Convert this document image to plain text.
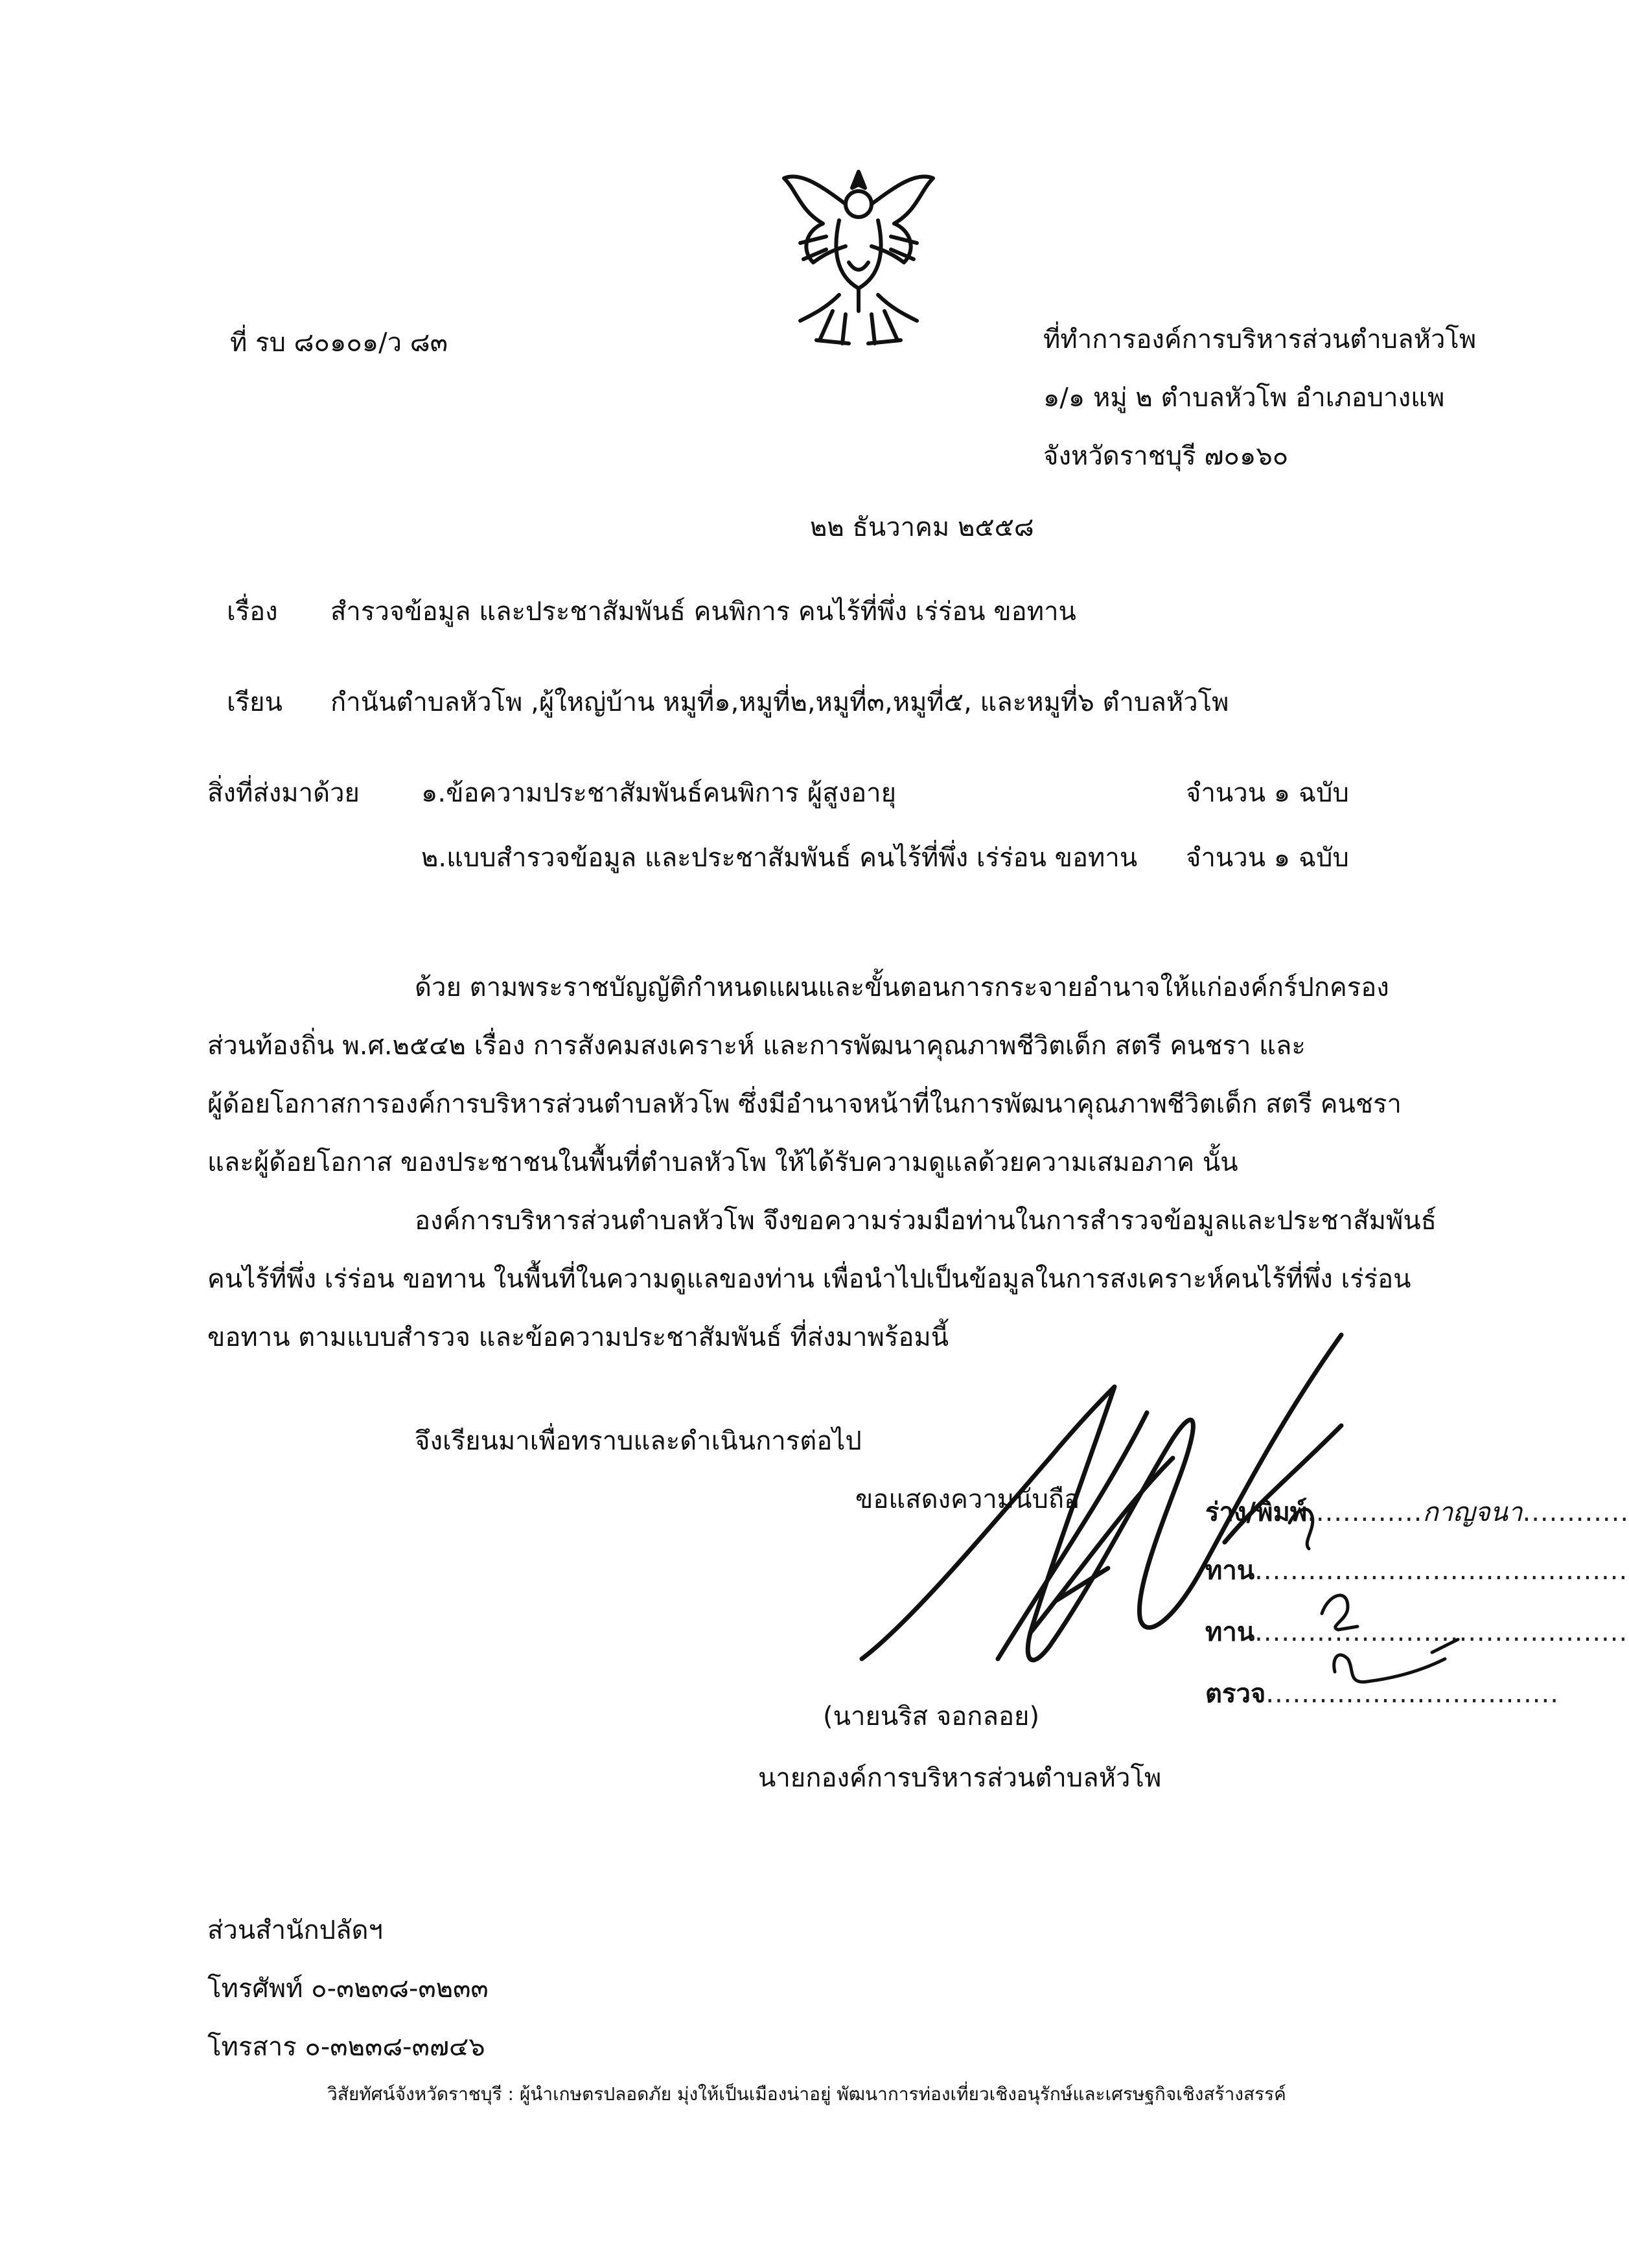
ที่ รบ ๘๐๑๐๑/ว ๘๓	ที่ทำการองค์การบริหารส่วนตำบลหัวโพ
๑/๑ หมู่ ๒ ตำบลหัวโพ อำเภอบางแพ
จังหวัดราชบุรี ๗๐๑๖๐
๒๒ ธันวาคม ๒๕๕๘
เรื่อง สำรวจข้อมูล และประชาสัมพันธ์ คนพิการ คนไร้ที่พึ่ง เร่ร่อน ขอทาน
เรียน กำนันตำบลหัวโพ ,ผู้ใหญ่บ้าน หมูที่๑,หมูที่๒,หมูที่๓,หมูที่๕, และหมูที่๖ ตำบลหัวโพ
สิ่งที่ส่งมาด้วย ๑.ข้อความประชาสัมพันธ์คนพิการ ผู้สูงอายุ	จำนวน ๑ ฉบับ
๒.แบบสำรวจข้อมูล และประชาสัมพันธ์ คนไร้ที่พึ่ง เร่ร่อน ขอทาน จำนวน ๑ ฉบับ
ด้วย ตามพระราชบัญญัติกำหนดแผนและขั้นตอนการกระจายอำนาจให้แก่องค์กร์ปกครอง
ส่วนท้องถิ่น พ.ศ.๒๕๔๒ เรื่อง การสังคมสงเคราะห์ และการพัฒนาคุณภาพชีวิตเด็ก สตรี คนชรา และ
ผู้ด้อยโอกาสการองค์การบริหารส่วนตำบลหัวโพ ซึ่งมีอำนาจหน้าที่ในการพัฒนาคุณภาพชีวิตเด็ก สตรี คนชรา
และผู้ด้อยโอกาส ของประชาชนในพื้นที่ตำบลหัวโพ ให้ได้รับความดูแลด้วยความเสมอภาค นั้น
องค์การบริหารส่วนตำบลหัวโพ จึงขอความร่วมมือท่านในการสำรวจข้อมูลและประชาสัมพันธ์
คนไร้ที่พึ่ง เร่ร่อน ขอทาน ในพื้นที่ในความดูแลของท่าน เพื่อนำไปเป็นข้อมูลในการสงเคราะห์คนไร้ที่พึ่ง เร่ร่อน
ขอทาน ตามแบบสำรวจ และข้อความประชาสัมพันธ์ ที่ส่งมาพร้อมนี้
จึงเรียนมาเพื่อทราบและดำเนินการต่อไป
ขอแสดงความนับถือ
(นายนริส จอกลอย)
นายกองค์การบริหารส่วนตำบลหัวโพ
ร่าง/พิมพ์.............กาญจนา............
ทาน..........................................
ทาน..........................................
ตรวจ.................................
ส่วนสำนักปลัดฯ
โทรศัพท์ ๐-๓๒๓๘-๓๒๓๓
โทรสาร ๐-๓๒๓๘-๓๗๔๖
วิสัยทัศน์จังหวัดราชบุรี : ผู้นำเกษตรปลอดภัย มุ่งให้เป็นเมืองน่าอยู่ พัฒนาการท่องเที่ยวเชิงอนุรักษ์และเศรษฐกิจเชิงสร้างสรรค์
